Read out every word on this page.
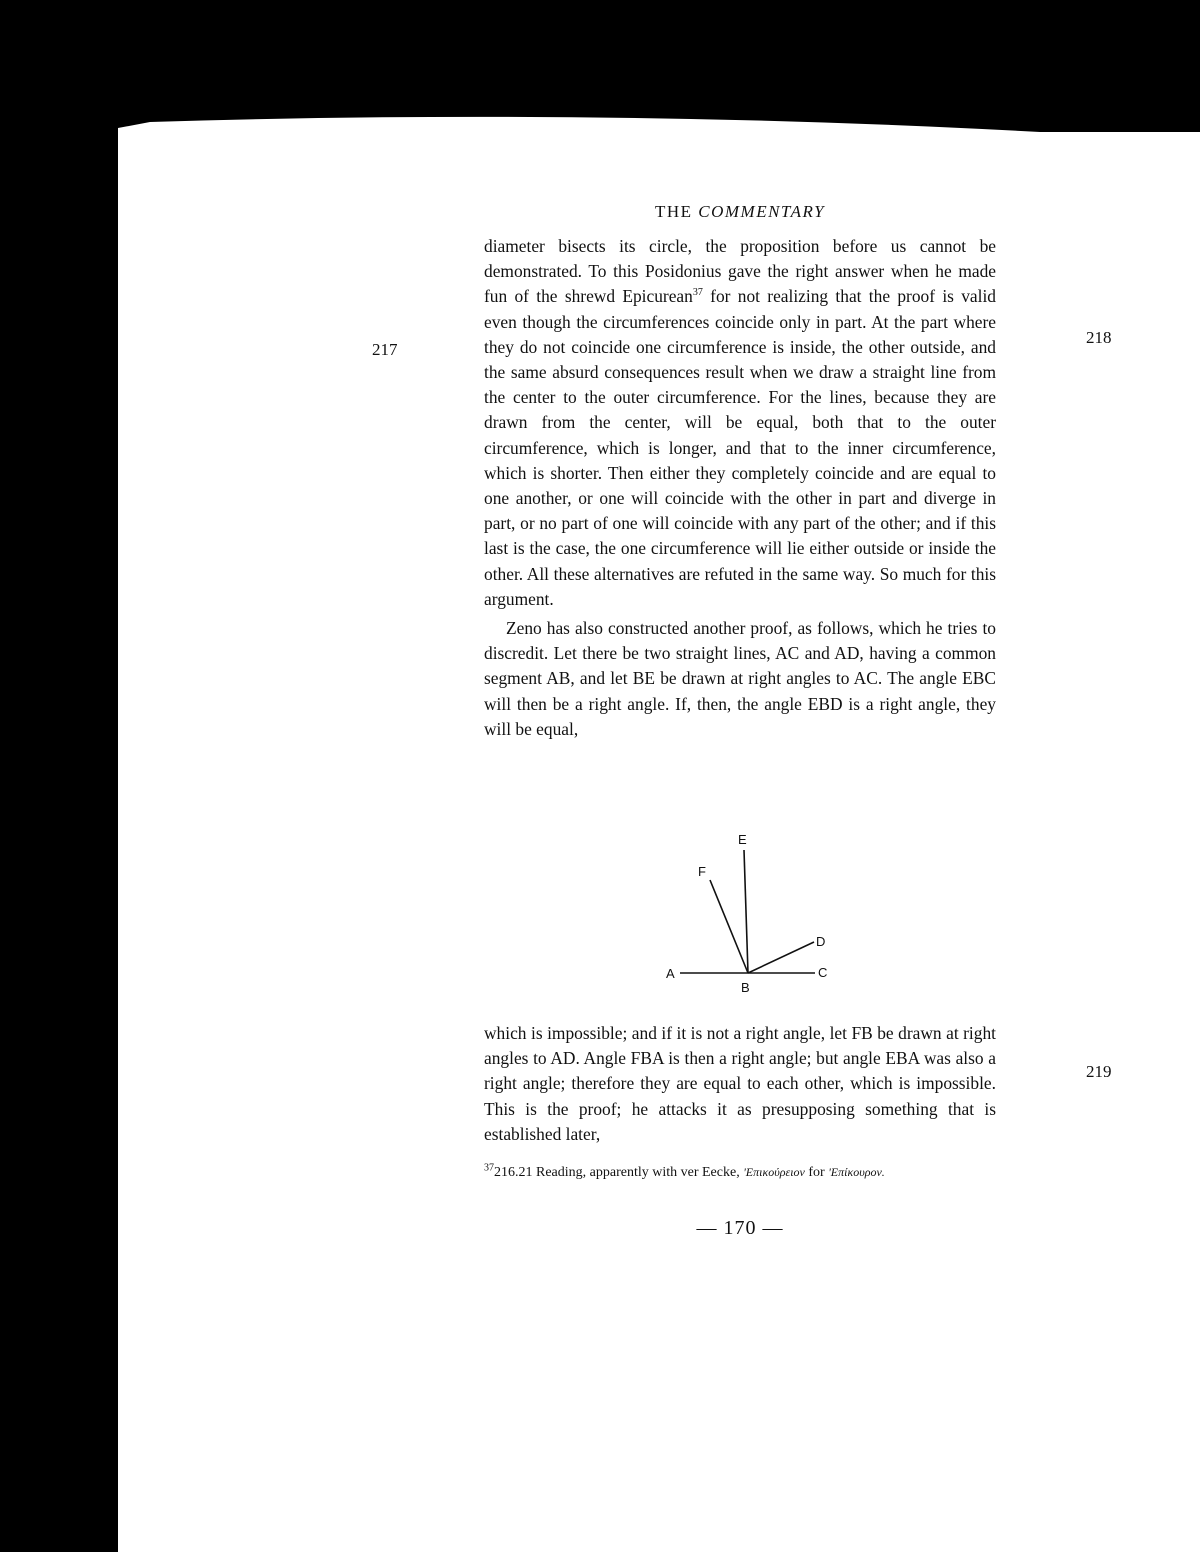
THE COMMENTARY
217
218
219

diameter bisects its circle, the proposition before us cannot be demonstrated. To this Posidonius gave the right answer when he made fun of the shrewd Epicurean$^{37}$ for not realizing that the proof is valid even though the circumferences coincide only in part. At the part where they do not coincide one circumference is inside, the other outside, and the same absurd consequences result when we draw a straight line from the center to the outer circumference. For the lines, because they are drawn from the center, will be equal, both that to the outer circumference, which is longer, and that to the inner circumference, which is shorter. Then either they completely coincide and are equal to one another, or one will coincide with the other in part and diverge in part, or no part of one will coincide with any part of the other; and if this last is the case, the one circumference will lie either outside or inside the other. All these alternatives are refuted in the same way. So much for this argument.

Zeno has also constructed another proof, as follows, which he tries to discredit. Let there be two straight lines, AC and AD, having a common segment AB, and let BE be drawn at right angles to AC. The angle EBC will then be a right angle. If, then, the angle EBD is a right angle, they will be equal,

A
B
C
D
E
F

which is impossible; and if it is not a right angle, let FB be drawn at right angles to AD. Angle FBA is then a right angle; but angle EBA was also a right angle; therefore they are equal to each other, which is impossible. This is the proof; he attacks it as presupposing something that is established later,

$^{37}$216.21 Reading, apparently with ver Eecke, 'Επικούρειον for 'Επίκουρον.
— 170 —
